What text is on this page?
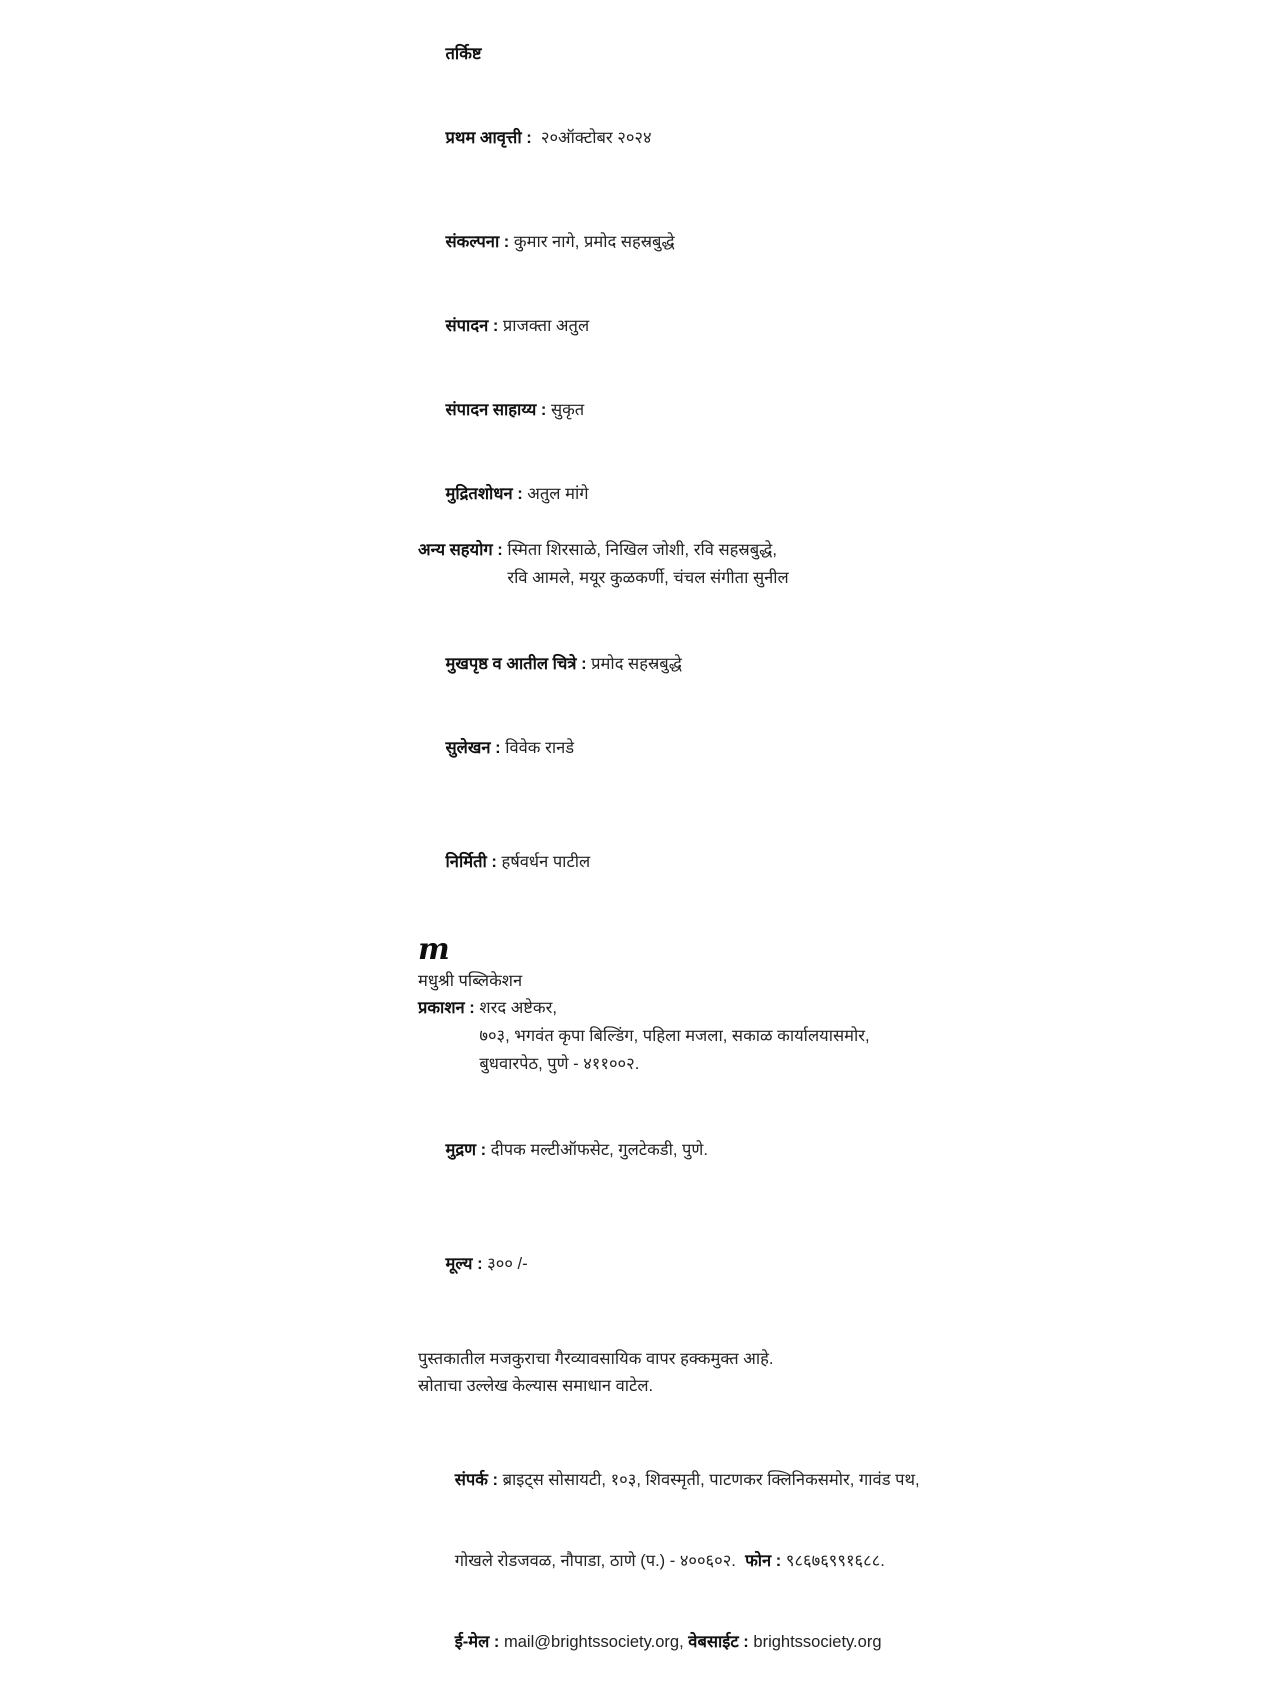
तर्किष्ट

प्रथम आवृत्ती : २०ऑक्टोबर २०२४

संकल्पना : कुमार नागे, प्रमोद सहस्रबुद्धे

संपादन : प्राजक्ता अतुल

संपादन साहाय्य : सुकृत

मुद्रितशोधन : अतुल मांगे

अन्य सहयोग : स्मिता शिरसाळे, निखिल जोशी, रवि सहस्रबुद्धे,
रवि आमले, मयूर कुळकर्णी, चंचल संगीता सुनील

मुखपृष्ठ व आतील चित्रे : प्रमोद सहस्रबुद्धे

सुलेखन : विवेक रानडे

निर्मिती : हर्षवर्धन पाटील

m
मधुश्री पब्लिकेशन
प्रकाशन : शरद अष्टेकर,
७०३, भगवंत कृपा बिल्डिंग, पहिला मजला, सकाळ कार्यालयासमोर,
बुधवारपेठ, पुणे - ४११००२.

मुद्रण : दीपक मल्टीऑफसेट, गुलटेकडी, पुणे.

मूल्य : ३०० /-

पुस्तकातील मजकुराचा गैरव्यावसायिक वापर हक्कमुक्त आहे.
स्रोताचा उल्लेख केल्यास समाधान वाटेल.

संपर्क : ब्राइट्स सोसायटी, १०३, शिवस्मृती, पाटणकर क्लिनिकसमोर, गावंड पथ,

गोखले रोडजवळ, नौपाडा, ठाणे (प.) - ४००६०२. फोन : ९८६७६९९१६८८.

ई-मेल : mail@brightssociety.org, वेबसाईट : brightssociety.org
